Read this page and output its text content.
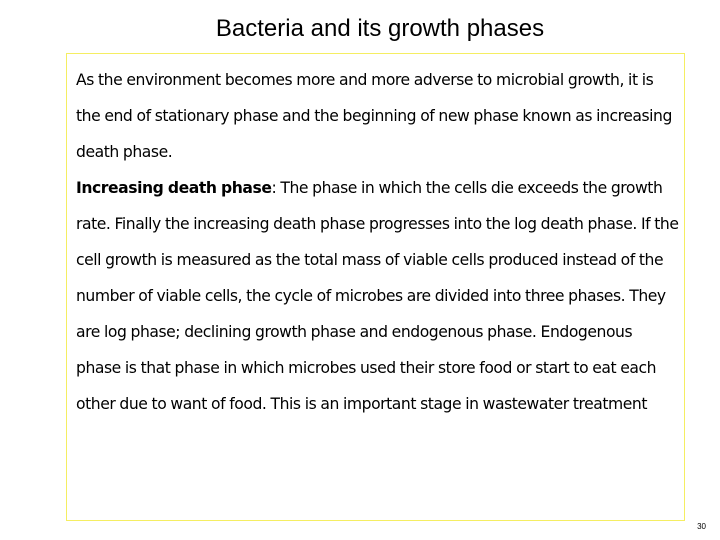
Bacteria and its growth phases

As the environment becomes more and more adverse to microbial growth, it is the end of stationary phase and the beginning of new phase known as increasing death phase.

Increasing death phase: The phase in which the cells die exceeds the growth rate. Finally the increasing death phase progresses into the log death phase. If the cell growth is measured as the total mass of viable cells produced instead of the number of viable cells, the cycle of microbes are divided into three phases. They are log phase; declining growth phase and endogenous phase. Endogenous phase is that phase in which microbes used their store food or start to eat each other due to want of food. This is an important stage in wastewater treatment

30
